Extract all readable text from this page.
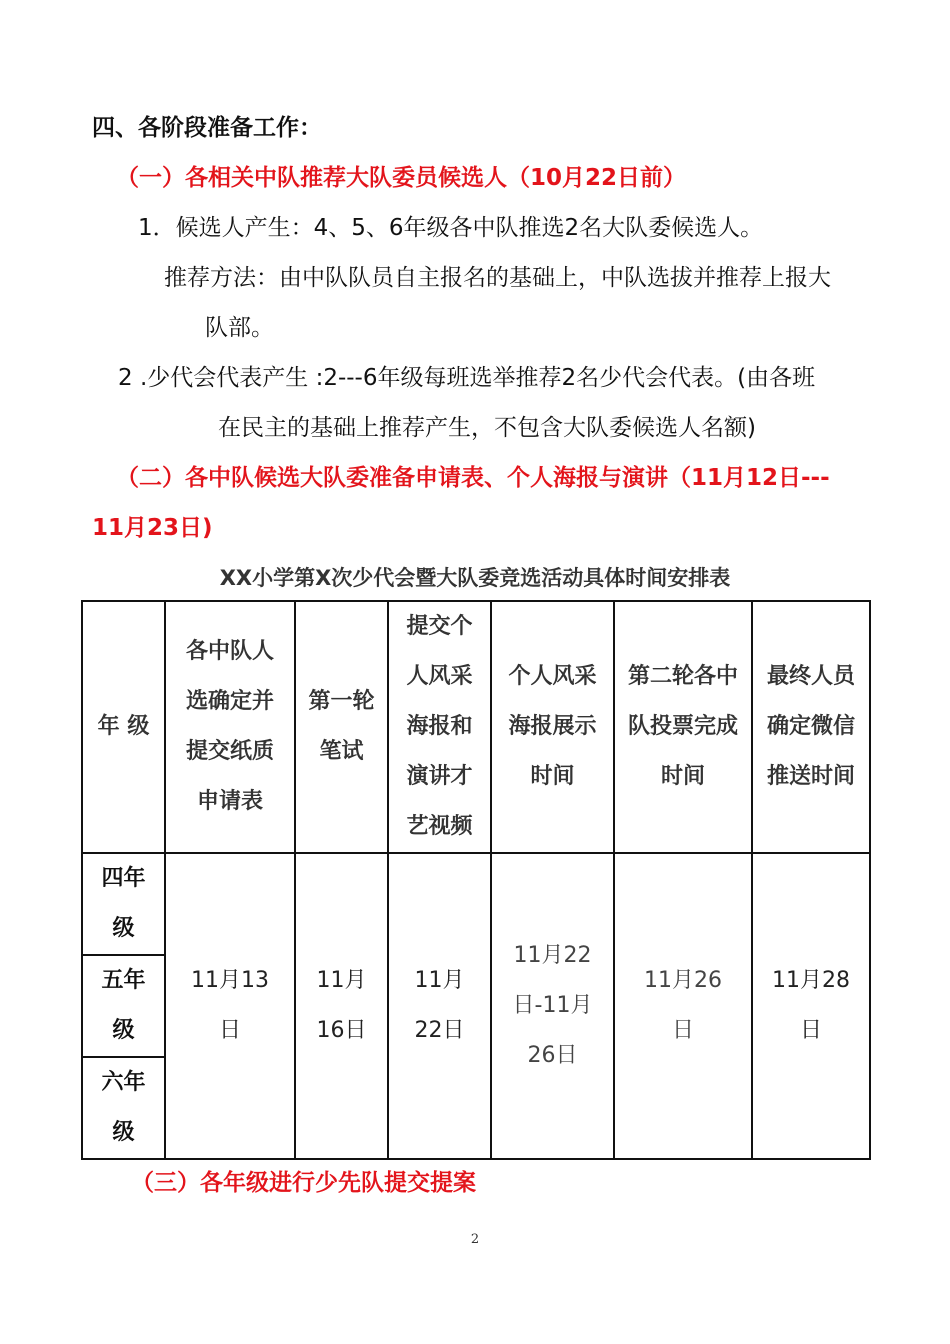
四、各阶段准备工作：
（一）各相关中队推荐大队委员候选人（10月22日前）
1．候选人产生：4、5、6年级各中队推选2名大队委候选人。
推荐方法：由中队队员自主报名的基础上，中队选拔并推荐上报大
队部。
2 .少代会代表产生 :2---6年级每班选举推荐2名少代会代表。(由各班
在民主的基础上推荐产生，不包含大队委候选人名额)
（二）各中队候选大队委准备申请表、个人海报与演讲（11月12日---
11月23日)
XX小学第X次少代会暨大队委竞选活动具体时间安排表
年 级	各中队人
选确定并
提交纸质
申请表	第一轮
笔试	提交个
人风采
海报和
演讲才
艺视频	个人风采
海报展示
时间	第二轮各中
队投票完成
时间	最终人员
确定微信
推送时间

四年
级	11月13
日	11月
16日	11月
22日	11月22
日-11月
26日	11月26
日	11月28
日

五年
级						

六年
级						
（三）各年级进行少先队提交提案
2
